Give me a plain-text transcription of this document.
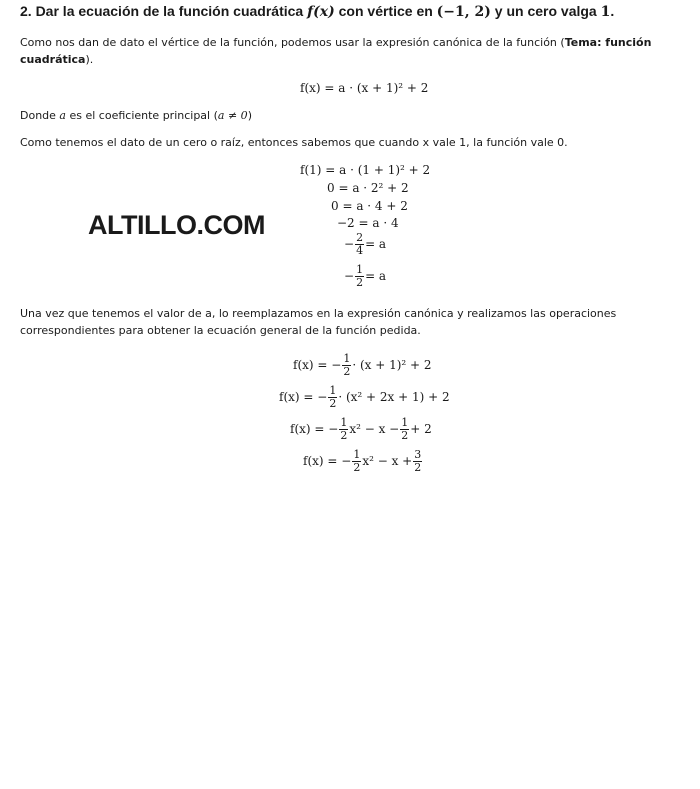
2. Dar la ecuación de la función cuadrática f(x) con vértice en (−1, 2) y un cero valga 1.
Como nos dan de dato el vértice de la función, podemos usar la expresión canónica de la función (Tema: función
cuadrática).
f(x) = a · (x + 1)² + 2
Donde a es el coeficiente principal (a ≠ 0)
Como tenemos el dato de un cero o raíz, entonces sabemos que cuando x vale 1, la función vale 0.
f(1) = a · (1 + 1)² + 2
0 = a · 2² + 2
0 = a · 4 + 2
−2 = a · 4
− $\frac{2}{4} = a$
− $\frac{1}{2} = a$
ALTILLO.COM
Una vez que tenemos el valor de a, lo reemplazamos en la expresión canónica y realizamos las operaciones
correspondientes para obtener la ecuación general de la función pedida.
f(x) = − $\frac{1}{2} \cdot (x + 1)^2 + 2$
f(x) = − $\frac{1}{2} \cdot (x^2 + 2x + 1) + 2$
f(x) = − $\frac{1}{2} x^2 - x - \frac{1}{2} + 2$
f(x) = − $\frac{1}{2} x^2 - x + \frac{3}{2}$
